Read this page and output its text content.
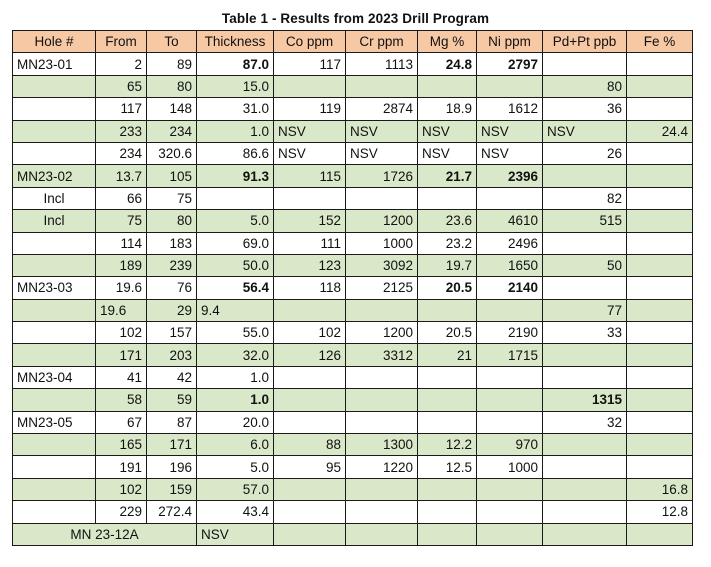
Table 1 - Results from 2023 Drill Program
Hole #	From	To	Thickness	Co ppm	Cr ppm	Mg %	Ni ppm	Pd+Pt ppb	Fe %
MN23-01	2	89	87.0	117	1113	24.8	2797		
	65	80	15.0					80	
	117	148	31.0	119	2874	18.9	1612	36	
	233	234	1.0	NSV	NSV	NSV	NSV	NSV	24.4
	234	320.6	86.6	NSV	NSV	NSV	NSV	26	
MN23-02	13.7	105	91.3	115	1726	21.7	2396		
Incl	66	75						82	
Incl	75	80	5.0	152	1200	23.6	4610	515	
	114	183	69.0	111	1000	23.2	2496		
	189	239	50.0	123	3092	19.7	1650	50	
MN23-03	19.6	76	56.4	118	2125	20.5	2140		
	19.6	29	9.4					77	
	102	157	55.0	102	1200	20.5	2190	33	
	171	203	32.0	126	3312	21	1715		
MN23-04	41	42	1.0						
	58	59	1.0					1315	
MN23-05	67	87	20.0					32	
	165	171	6.0	88	1300	12.2	970		
	191	196	5.0	95	1220	12.5	1000		
	102	159	57.0						16.8
	229	272.4	43.4						12.8
MN 23-12A			NSV						
